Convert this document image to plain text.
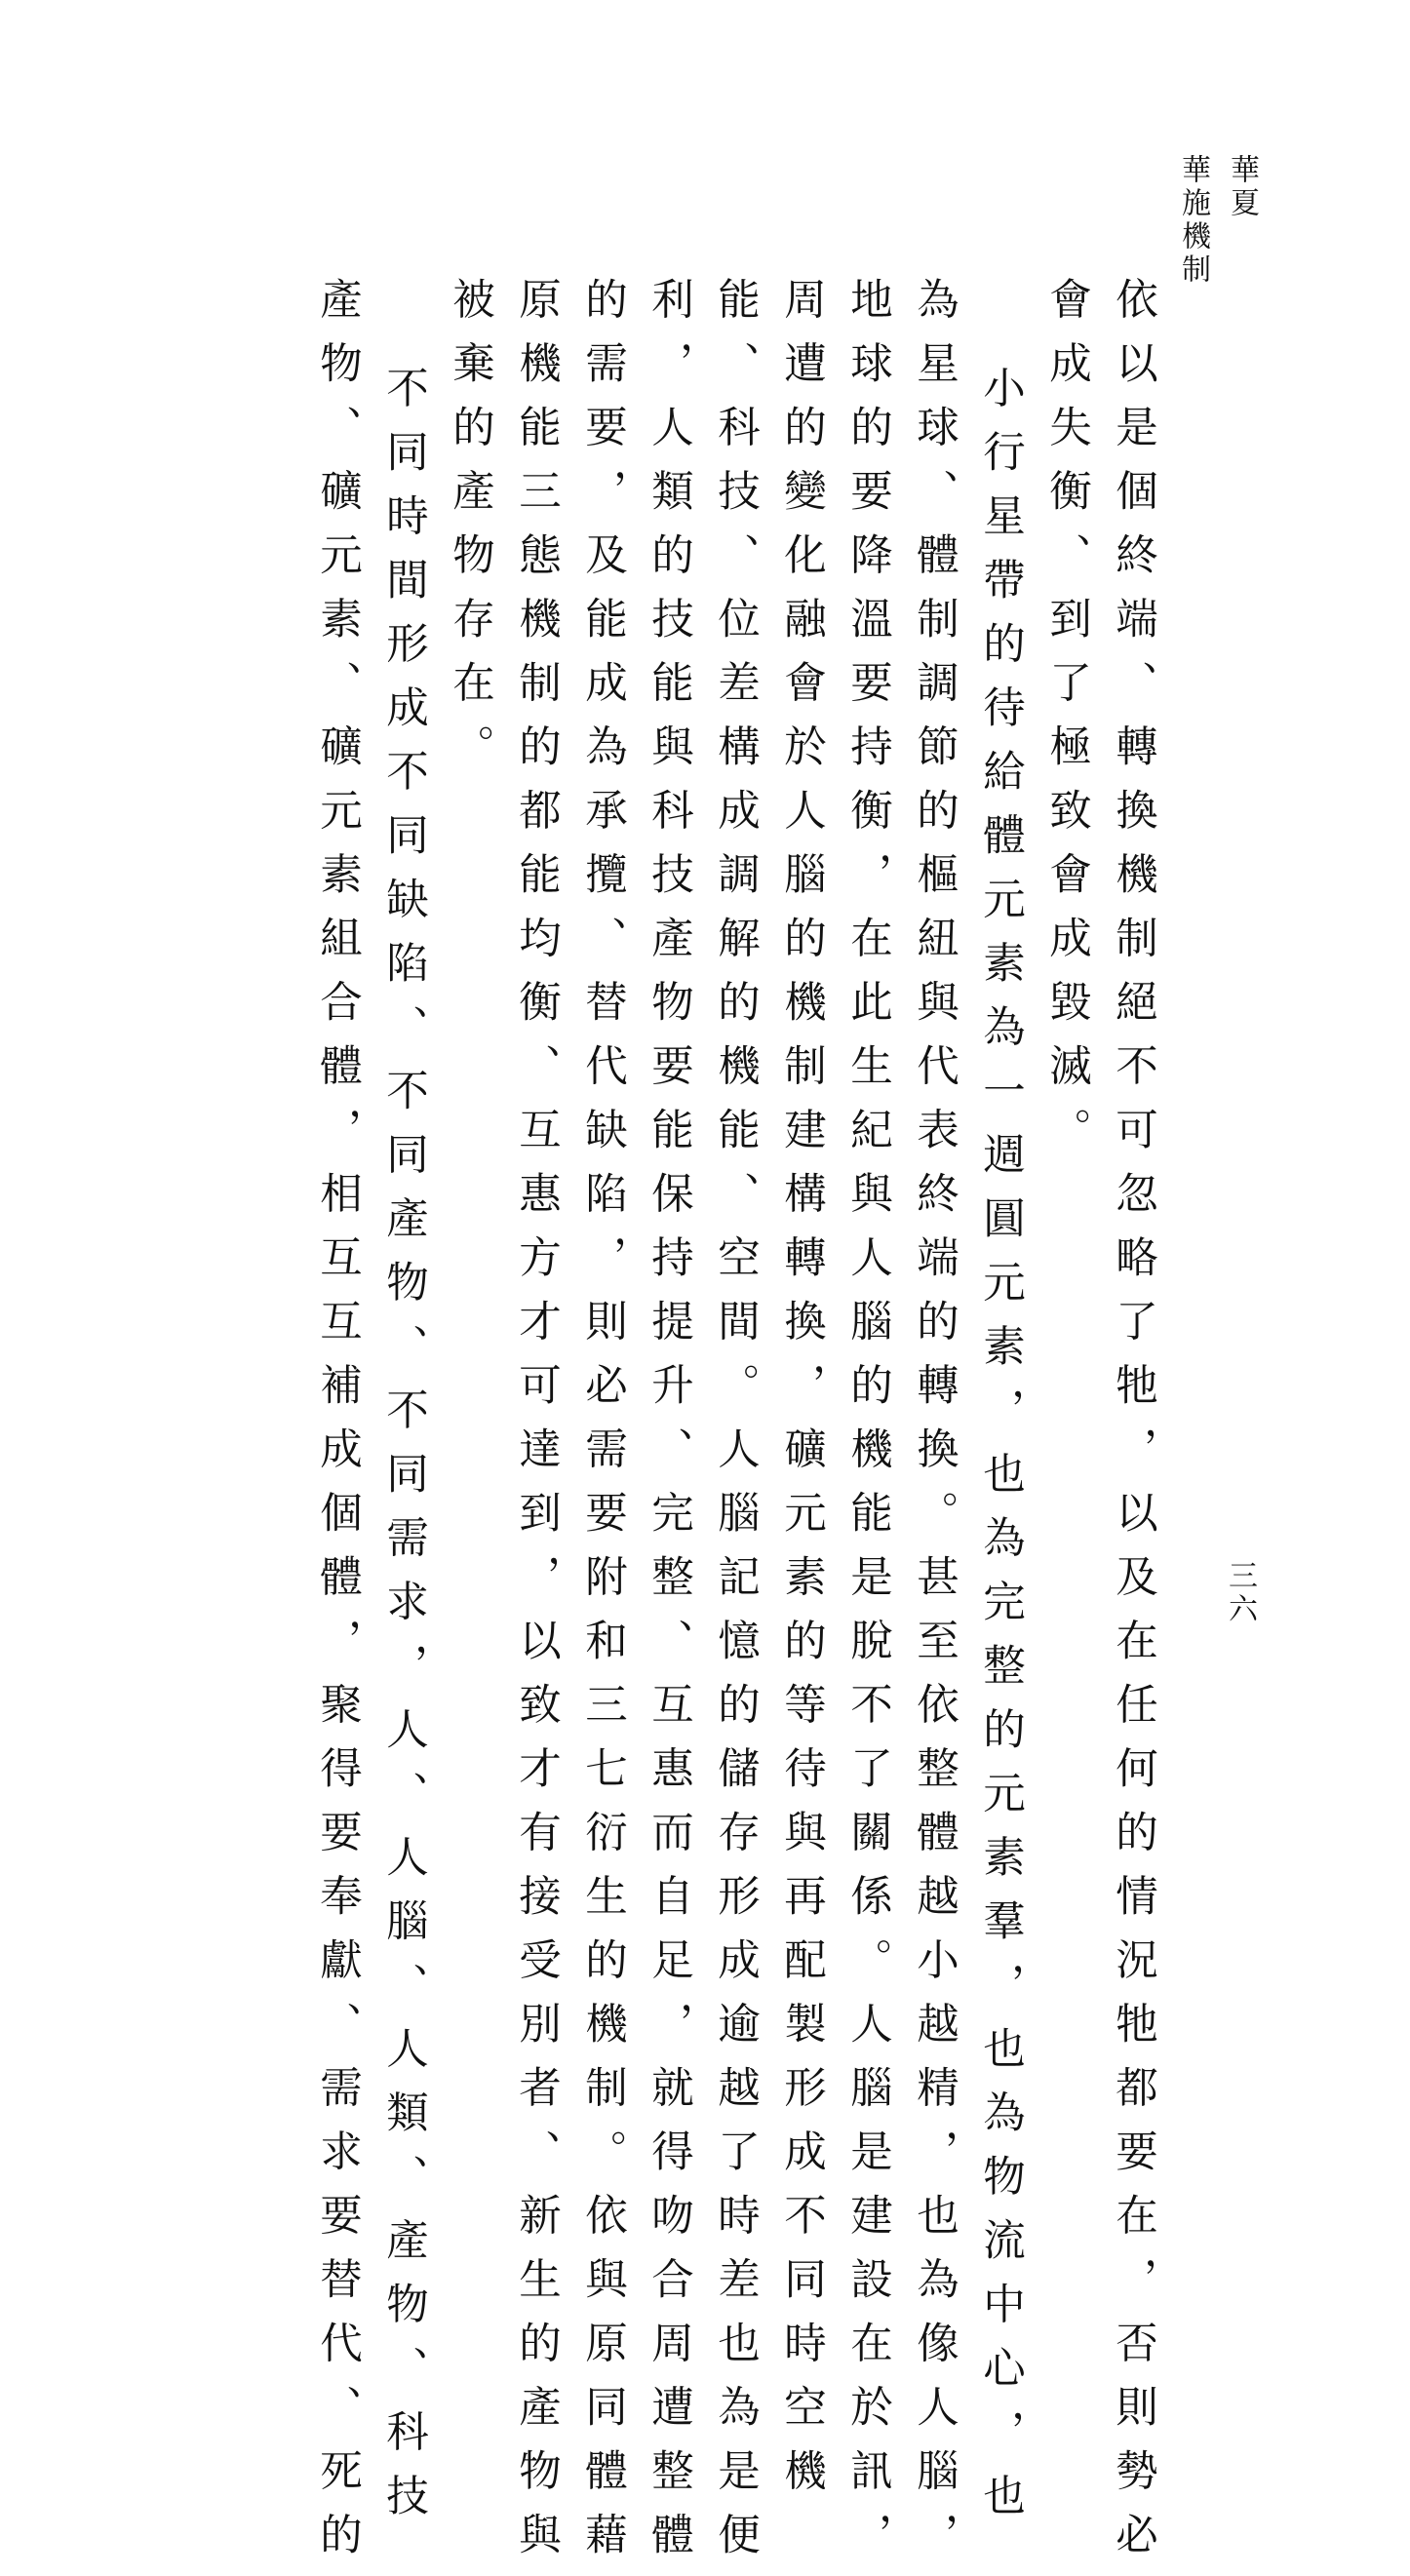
華夏
華施機制
三六

依以是個終端、轉換機制絕不可忽略了牠，以及在任何的情況牠都要在，否則勢必
會成失衡、到了極致會成毀滅。

小行星帶的待給體元素為一週圓元素，也為完整的元素羣，也為物流中心，也
為星球、體制調節的樞紐與代表終端的轉換。甚至依整體越小越精，也為像人腦，
地球的要降溫要持衡，在此生紀與人腦的機能是脫不了關係。人腦是建設在於訊，
周遭的變化融會於人腦的機制建構轉換，礦元素的等待與再配製形成不同時空機
能、科技、位差構成調解的機能、空間。人腦記憶的儲存形成逾越了時差也為是便
利，人類的技能與科技產物要能保持提升、完整、互惠而自足，就得吻合周遭整體
的需要，及能成為承攬、替代缺陷，則必需要附和三七衍生的機制。依與原同體藉
原機能三態機制的都能均衡、互惠方才可達到，以致才有接受別者、新生的產物與
被棄的產物存在。

不同時間形成不同缺陷、不同產物、不同需求，人、人腦、人類、產物、科技
產物、礦元素、礦元素組合體，相互互補成個體，聚得要奉獻、需求要替代、死的
